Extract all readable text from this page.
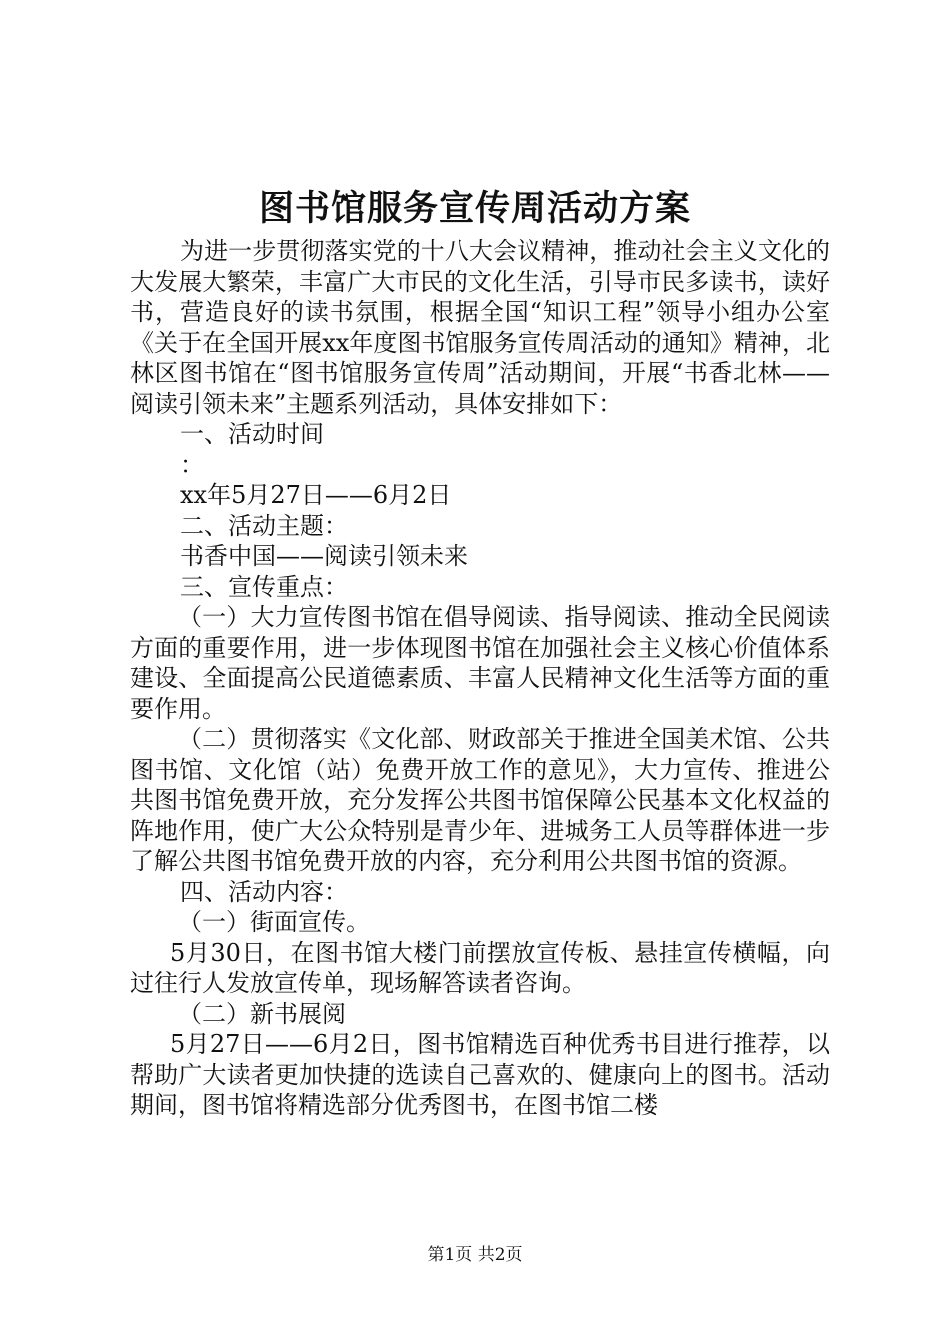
图书馆服务宣传周活动方案

为进一步贯彻落实党的十八大会议精神，推动社会主义文化的大发展大繁荣，丰富广大市民的文化生活，引导市民多读书，读好书，营造良好的读书氛围，根据全国“知识工程”领导小组办公室《关于在全国开展xx年度图书馆服务宣传周活动的通知》精神，北林区图书馆在“图书馆服务宣传周”活动期间，开展“书香北林——阅读引领未来”主题系列活动，具体安排如下：

一、活动时间

：

xx年5月27日——6月2日

二、活动主题：

书香中国——阅读引领未来

三、宣传重点：

（一）大力宣传图书馆在倡导阅读、指导阅读、推动全民阅读方面的重要作用，进一步体现图书馆在加强社会主义核心价值体系建设、全面提高公民道德素质、丰富人民精神文化生活等方面的重要作用。

（二）贯彻落实《文化部、财政部关于推进全国美术馆、公共图书馆、文化馆（站）免费开放工作的意见》，大力宣传、推进公共图书馆免费开放，充分发挥公共图书馆保障公民基本文化权益的阵地作用，使广大公众特别是青少年、进城务工人员等群体进一步了解公共图书馆免费开放的内容，充分利用公共图书馆的资源。

四、活动内容：

（一）街面宣传。

5月30日，在图书馆大楼门前摆放宣传板、悬挂宣传横幅，向过往行人发放宣传单，现场解答读者咨询。

（二）新书展阅

5月27日——6月2日，图书馆精选百种优秀书目进行推荐，以帮助广大读者更加快捷的选读自己喜欢的、健康向上的图书。活动期间，图书馆将精选部分优秀图书，在图书馆二楼

第1页 共2页
